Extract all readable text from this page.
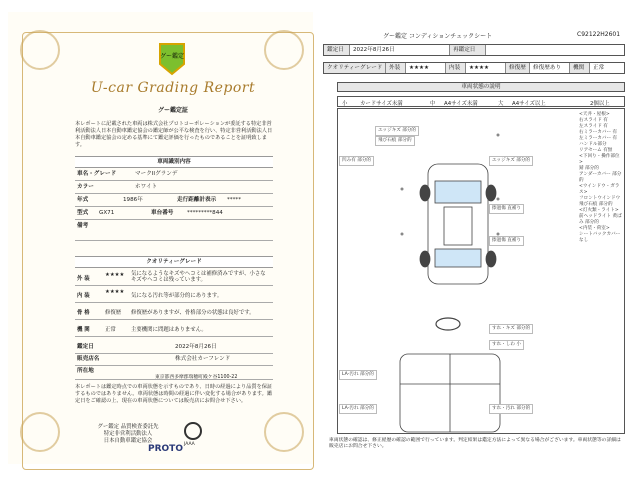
グー鑑定
U-car Grading Report
グー鑑定証
本レポートに記載された車両は株式会社プロトコーポレーションが委託する特定非営利活動法人日本自動車鑑定協会の鑑定師が公平な検査を行い、特定非営利活動法人日本自動車鑑定協会の定める基準にて鑑定評価を行ったものであることを証明致します。
車両識別内容
車名・グレード	マークIIグランデ
カラー	ホワイト
年式	1986年	走行距離計表示 *****
型式 GX71	車台番号 *********844
備考
クオリティーグレード
外 装
★★★★ 気になるようなキズやヘコミは補修済みですが、小さなキズやヘコミは残っています。
内 装
★★★★
気になる汚れ等が部分的にあります。
骨 格	修復歴 修復歴がありますが、骨格部分の状態は良好です。
機 関	正常	主要機関に問題はありません。
鑑定日	2022年8月26日
販売店名	株式会社カーフレンド
所在地
東京都西多摩郡瑞穂町殿ケ谷1100-22
本レポートは鑑定時点での車両状態を示すものであり、日時の経過により品質を保証するものではありません。車両状態は時間の経過に伴い変化する場合があります。鑑定日をご確認の上、現在の車両状態については販売店にお問合せ下さい。
グー鑑定 品質検査委託先
特定非営利活動法人
日本自動車鑑定協会
JAAA
PROTO
グー鑑定 コンディションチェックシート	C92122H2601
鑑定日	2022年8月26日	再鑑定日
クオリティーグレード	外装	★★★★	内装	★★★★	修復歴	修復歴あり	機関	正常
車両状態の説明
小 カードサイズ未満	中 A4サイズ未満	大 A4サイズ以上	2個以上
エッジキズ 部分的
飛び石痕 部分的
凹み有 部分的	エッジキズ 部分的
擦過傷 直補り
擦過傷 直補り
すれ・キズ 部分的
すれ・しわ 小
LA-汚れ 部分的
LA-汚れ 部分的	すれ・汚れ 部分的
<天井・屋根>
右スライド 有
左スライド 有
右ミラーカバー 有
左ミラーカバー 有
ハンドル部分
リアセーム 有無
<下回り・操作部位>
錆 部分的
アンダーカバー 部分的
<ウインドウ・ガラス>
フロントウインドウ 飛び石痕 部分的
<灯火類・ライト>
前ヘッドライト 黄ばみ 部分的
<内装・荷室>
シートバックカバー なし
車両状態の確認は、修正経歴の確認の範囲で行っています。判定結果は鑑定方法によって異なる場合がございます。車両状態等の詳細は販売店にお問合せ下さい。
